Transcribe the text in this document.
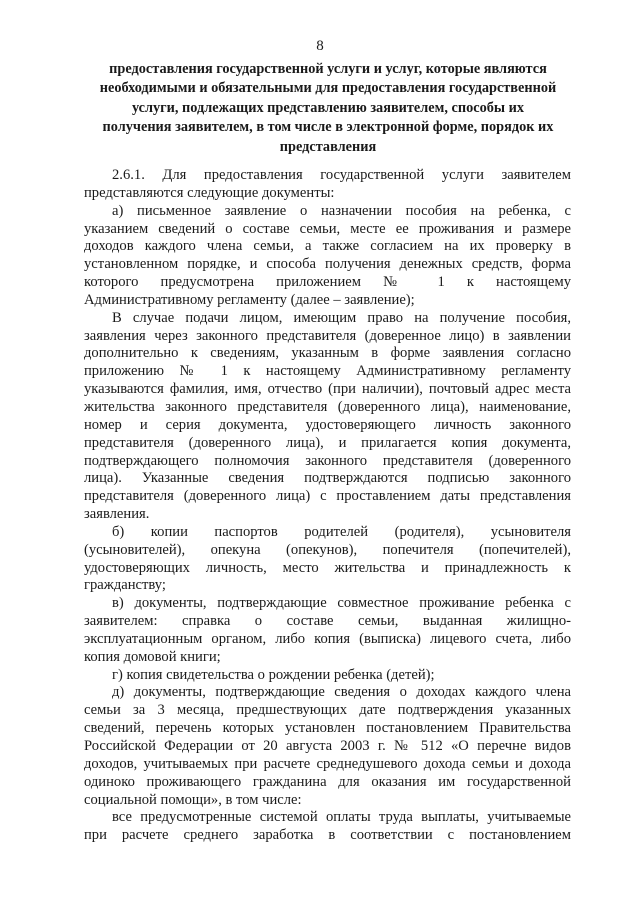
8
предоставления государственной услуги и услуг, которые являются
необходимыми и обязательными для предоставления государственной
услуги, подлежащих представлению заявителем, способы их
получения заявителем, в том числе в электронной форме, порядок их
представления
2.6.1. Для предоставления государственной услуги заявителем
представляются следующие документы:
а) письменное заявление о назначении пособия на ребенка, с
указанием сведений о составе семьи, месте ее проживания и размере
доходов каждого члена семьи, а также согласием на их проверку в
установленном порядке, и способа получения денежных средств, форма
которого предусмотрена приложением № 1 к настоящему
Административному регламенту (далее – заявление);
В случае подачи лицом, имеющим право на получение пособия,
заявления через законного представителя (доверенное лицо) в заявлении
дополнительно к сведениям, указанным в форме заявления согласно
приложению № 1 к настоящему Административному регламенту
указываются фамилия, имя, отчество (при наличии), почтовый адрес места
жительства законного представителя (доверенного лица), наименование,
номер и серия документа, удостоверяющего личность законного
представителя (доверенного лица), и прилагается копия документа,
подтверждающего полномочия законного представителя (доверенного
лица). Указанные сведения подтверждаются подписью законного
представителя (доверенного лица) с проставлением даты представления
заявления.
б) копии паспортов родителей (родителя), усыновителя
(усыновителей), опекуна (опекунов), попечителя (попечителей),
удостоверяющих личность, место жительства и принадлежность к
гражданству;
в) документы, подтверждающие совместное проживание ребенка с
заявителем: справка о составе семьи, выданная жилищно-
эксплуатационным органом, либо копия (выписка) лицевого счета, либо
копия домовой книги;
г) копия свидетельства о рождении ребенка (детей);
д) документы, подтверждающие сведения о доходах каждого члена
семьи за 3 месяца, предшествующих дате подтверждения указанных
сведений, перечень которых установлен постановлением Правительства
Российской Федерации от 20 августа 2003 г. № 512 «О перечне видов
доходов, учитываемых при расчете среднедушевого дохода семьи и дохода
одиноко проживающего гражданина для оказания им государственной
социальной помощи», в том числе:
все предусмотренные системой оплаты труда выплаты, учитываемые
при расчете среднего заработка в соответствии с постановлением
